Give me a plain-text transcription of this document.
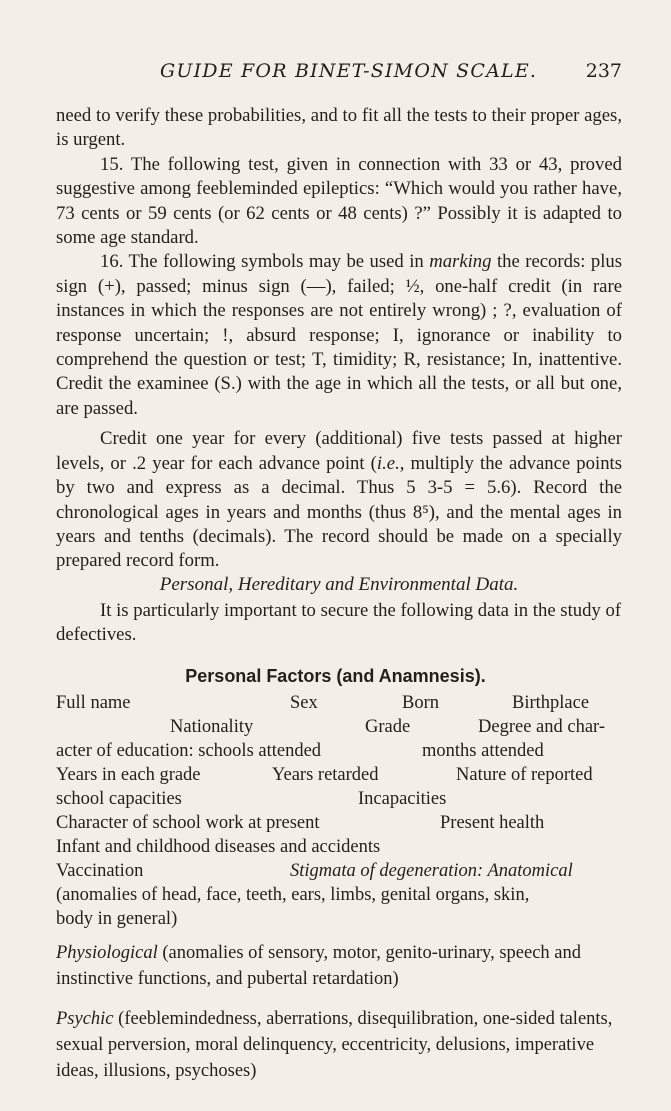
GUIDE FOR BINET-SIMON SCALE.	237

need to verify these probabilities, and to fit all the tests to their proper ages, is urgent.

15. The following test, given in connection with 33 or 43, proved suggestive among feebleminded epileptics: “Which would you rather have, 73 cents or 59 cents (or 62 cents or 48 cents) ?” Possibly it is adapted to some age standard.

16. The following symbols may be used in marking the records: plus sign (+), passed; minus sign (—), failed; ½, one-half credit (in rare instances in which the responses are not entirely wrong) ; ?, evaluation of response uncertain; !, absurd response; I, ignorance or inability to comprehend the question or test; T, timidity; R, resistance; In, inattentive. Credit the examinee (S.) with the age in which all the tests, or all but one, are passed.

Credit one year for every (additional) five tests passed at higher levels, or .2 year for each advance point (i.e., multiply the advance points by two and express as a decimal. Thus 5 3-5 = 5.6). Record the chronological ages in years and months (thus 8⁵), and the mental ages in years and tenths (decimals). The record should be made on a specially prepared record form.

Personal, Hereditary and Environmental Data.

It is particularly important to secure the following data in the study of defectives.

Personal Factors (and Anamnesis).
Full name	Sex	Born	Birthplace
Nationality	Grade	Degree and char-
acter of education: schools attended	months attended
Years in each grade	Years retarded	Nature of reported
school capacities	Incapacities
Character of school work at present	Present health
Infant and childhood diseases and accidents
Vaccination	Stigmata of degeneration: Anatomical
(anomalies of head, face, teeth, ears, limbs, genital organs, skin,
body in general)

Physiological (anomalies of sensory, motor, genito-urinary, speech and instinctive functions, and pubertal retardation)

Psychic (feeblemindedness, aberrations, disequilibration, one-sided talents, sexual perversion, moral delinquency, eccentricity, delusions, imperative ideas, illusions, psychoses)
